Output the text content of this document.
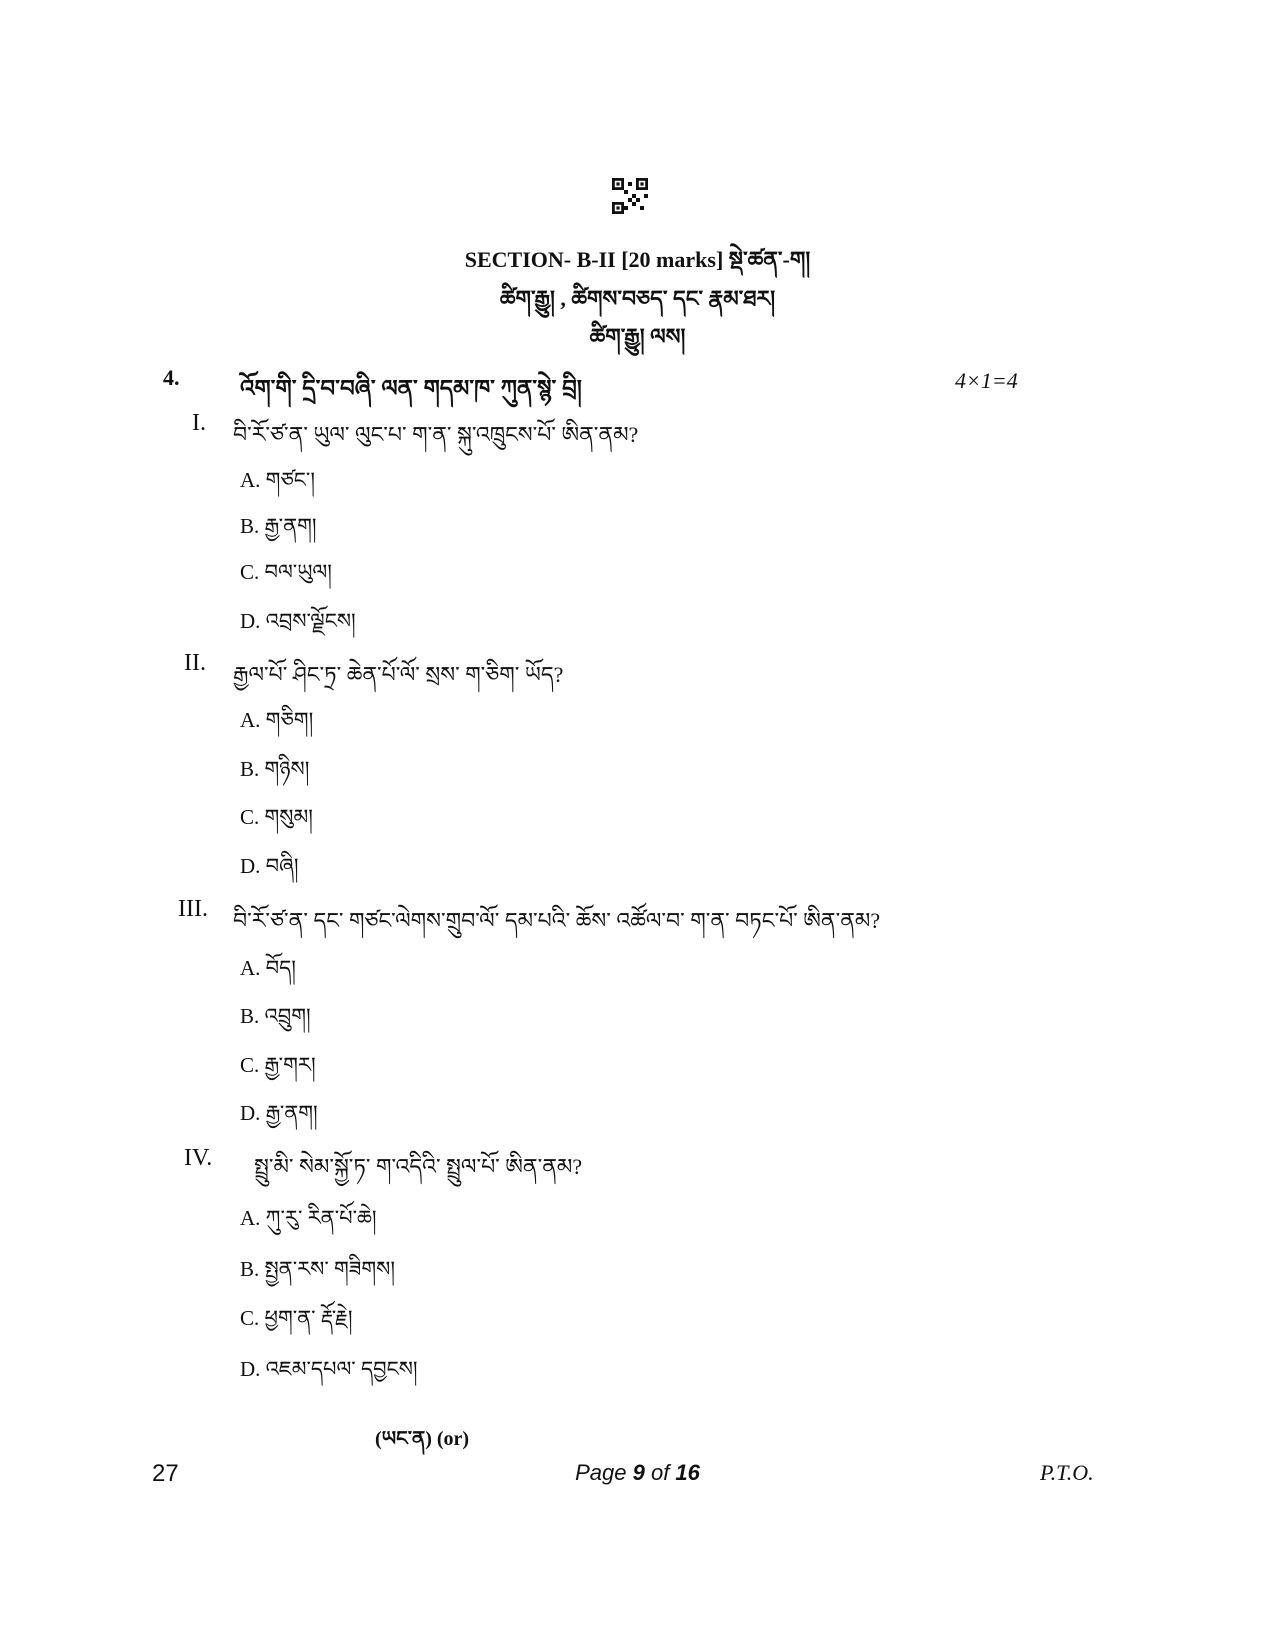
SECTION- B-II [20 marks] སྡེ་ཚན་-ག།
ཚིག་རྒྱུ། , ཚིགས་བཅད་ དང་ རྣམ་ཐར།
ཚིག་རྒྱུ། ལས།
4.	འོག་གི་ དྲི་བ་བཞི་ ལན་ གདམ་ཁ་ ཀུན་སྙེ་ བྲི།	4×1=4
I. བི་རོ་ཙ་ན་ ཡུལ་ ལུང་པ་ ག་ན་ སྐུ་འཁྲུངས་པོ་ ཨིན་ནམ?
A. གཙང་།
B. རྒྱ་ནག།
C. བལ་ཡུལ།
D. འབྲས་ལྗོངས།
II. རྒྱལ་པོ་ ཤིང་ཏྲ་ ཆེན་པོ་ལོ་ སྲས་ ག་ཅིག་ ཡོད?
A. གཅིག།
B. གཉིས།
C. གསུམ།
D. བཞི།
III. བི་རོ་ཙ་ན་ དང་ གཙང་ལེགས་གྲུབ་ལོ་ དམ་པའི་ ཆོས་ འཚོལ་བ་ ག་ན་ བཏང་པོ་ ཨིན་ནམ?
A. བོད།
B. འབྲུག།
C. རྒྱ་གར།
D. རྒྱ་ནག།
IV. སྤྲུ་མི་ སེམ་སྐྱོ་ཏ་ ག་འདིའི་ སྤྲུལ་པོ་ ཨིན་ནམ?
A. ཀུ་རུ་ རིན་པོ་ཆེ།
B. སྤྱན་རས་ གཟིགས།
C. ཕྱག་ན་ རྡོ་རྗེ།
D. འཇམ་དཔལ་ དབྱངས།
(ཡང་ན) (or)
27	Page 9 of 16	P.T.O.
